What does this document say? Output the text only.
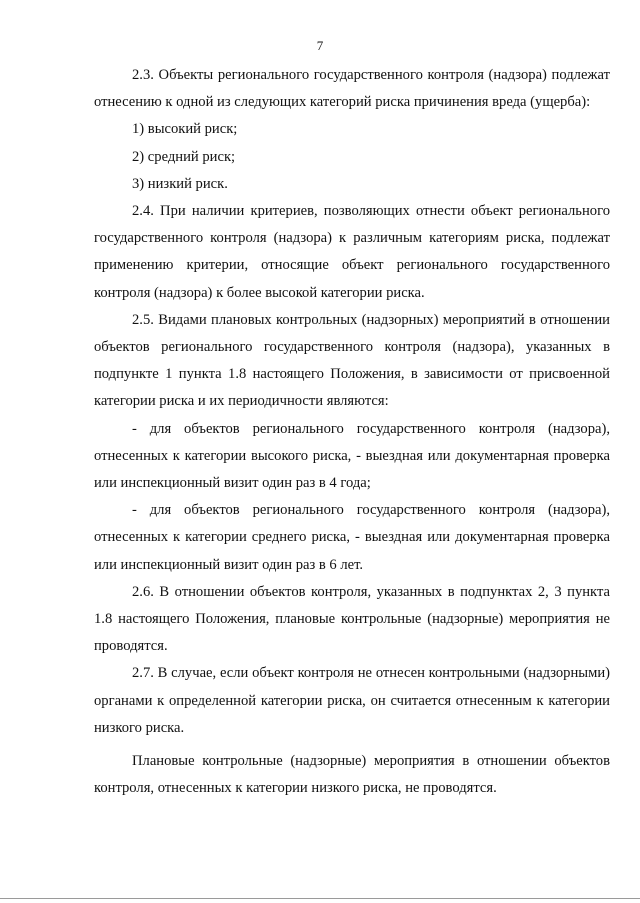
7

2.3. Объекты регионального государственного контроля (надзора) подлежат отнесению к одной из следующих категорий риска причинения вреда (ущерба):

1) высокий риск;

2) средний риск;

3) низкий риск.

2.4. При наличии критериев, позволяющих отнести объект регионального государственного контроля (надзора) к различным категориям риска, подлежат применению критерии, относящие объект регионального государственного контроля (надзора) к более высокой категории риска.

2.5. Видами плановых контрольных (надзорных) мероприятий в отношении объектов регионального государственного контроля (надзора), указанных в подпункте 1 пункта 1.8 настоящего Положения, в зависимости от присвоенной категории риска и их периодичности являются:

- для объектов регионального государственного контроля (надзора), отнесенных к категории высокого риска, - выездная или документарная проверка или инспекционный визит один раз в 4 года;

- для объектов регионального государственного контроля (надзора), отнесенных к категории среднего риска, - выездная или документарная проверка или инспекционный визит один раз в 6 лет.

2.6. В отношении объектов контроля, указанных в подпунктах 2, 3 пункта 1.8 настоящего Положения, плановые контрольные (надзорные) мероприятия не проводятся.

2.7. В случае, если объект контроля не отнесен контрольными (надзорными) органами к определенной категории риска, он считается отнесенным к категории низкого риска.

Плановые контрольные (надзорные) мероприятия в отношении объектов контроля, отнесенных к категории низкого риска, не проводятся.
